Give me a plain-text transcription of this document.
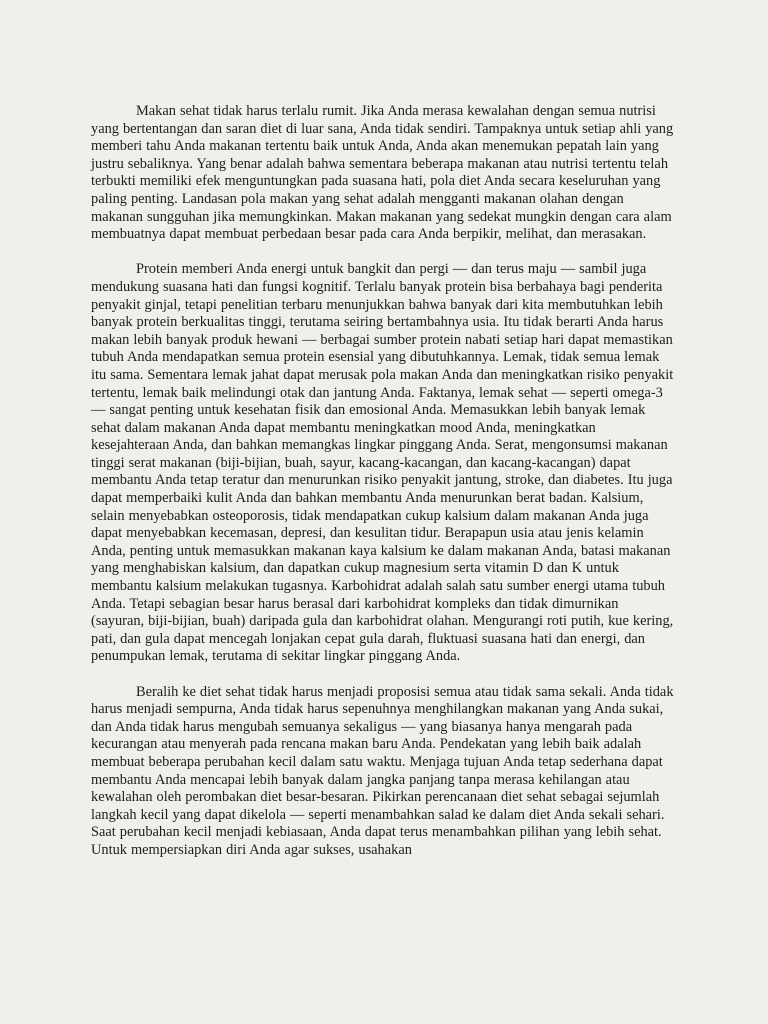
Makan sehat tidak harus terlalu rumit. Jika Anda merasa kewalahan dengan semua nutrisi yang bertentangan dan saran diet di luar sana, Anda tidak sendiri. Tampaknya untuk setiap ahli yang memberi tahu Anda makanan tertentu baik untuk Anda, Anda akan menemukan pepatah lain yang justru sebaliknya. Yang benar adalah bahwa sementara beberapa makanan atau nutrisi tertentu telah terbukti memiliki efek menguntungkan pada suasana hati, pola diet Anda secara keseluruhan yang paling penting. Landasan pola makan yang sehat adalah mengganti makanan olahan dengan makanan sungguhan jika memungkinkan. Makan makanan yang sedekat mungkin dengan cara alam membuatnya dapat membuat perbedaan besar pada cara Anda berpikir, melihat, dan merasakan.

Protein memberi Anda energi untuk bangkit dan pergi — dan terus maju — sambil juga mendukung suasana hati dan fungsi kognitif. Terlalu banyak protein bisa berbahaya bagi penderita penyakit ginjal, tetapi penelitian terbaru menunjukkan bahwa banyak dari kita membutuhkan lebih banyak protein berkualitas tinggi, terutama seiring bertambahnya usia. Itu tidak berarti Anda harus makan lebih banyak produk hewani — berbagai sumber protein nabati setiap hari dapat memastikan tubuh Anda mendapatkan semua protein esensial yang dibutuhkannya. Lemak, tidak semua lemak itu sama. Sementara lemak jahat dapat merusak pola makan Anda dan meningkatkan risiko penyakit tertentu, lemak baik melindungi otak dan jantung Anda. Faktanya, lemak sehat — seperti omega-3 — sangat penting untuk kesehatan fisik dan emosional Anda. Memasukkan lebih banyak lemak sehat dalam makanan Anda dapat membantu meningkatkan mood Anda, meningkatkan kesejahteraan Anda, dan bahkan memangkas lingkar pinggang Anda. Serat, mengonsumsi makanan tinggi serat makanan (biji-bijian, buah, sayur, kacang-kacangan, dan kacang-kacangan) dapat membantu Anda tetap teratur dan menurunkan risiko penyakit jantung, stroke, dan diabetes. Itu juga dapat memperbaiki kulit Anda dan bahkan membantu Anda menurunkan berat badan. Kalsium, selain menyebabkan osteoporosis, tidak mendapatkan cukup kalsium dalam makanan Anda juga dapat menyebabkan kecemasan, depresi, dan kesulitan tidur. Berapapun usia atau jenis kelamin Anda, penting untuk memasukkan makanan kaya kalsium ke dalam makanan Anda, batasi makanan yang menghabiskan kalsium, dan dapatkan cukup magnesium serta vitamin D dan K untuk membantu kalsium melakukan tugasnya. Karbohidrat adalah salah satu sumber energi utama tubuh Anda. Tetapi sebagian besar harus berasal dari karbohidrat kompleks dan tidak dimurnikan (sayuran, biji-bijian, buah) daripada gula dan karbohidrat olahan. Mengurangi roti putih, kue kering, pati, dan gula dapat mencegah lonjakan cepat gula darah, fluktuasi suasana hati dan energi, dan penumpukan lemak, terutama di sekitar lingkar pinggang Anda.

Beralih ke diet sehat tidak harus menjadi proposisi semua atau tidak sama sekali. Anda tidak harus menjadi sempurna, Anda tidak harus sepenuhnya menghilangkan makanan yang Anda sukai, dan Anda tidak harus mengubah semuanya sekaligus — yang biasanya hanya mengarah pada kecurangan atau menyerah pada rencana makan baru Anda. Pendekatan yang lebih baik adalah membuat beberapa perubahan kecil dalam satu waktu. Menjaga tujuan Anda tetap sederhana dapat membantu Anda mencapai lebih banyak dalam jangka panjang tanpa merasa kehilangan atau kewalahan oleh perombakan diet besar-besaran. Pikirkan perencanaan diet sehat sebagai sejumlah langkah kecil yang dapat dikelola — seperti menambahkan salad ke dalam diet Anda sekali sehari. Saat perubahan kecil menjadi kebiasaan, Anda dapat terus menambahkan pilihan yang lebih sehat. Untuk mempersiapkan diri Anda agar sukses, usahakan
